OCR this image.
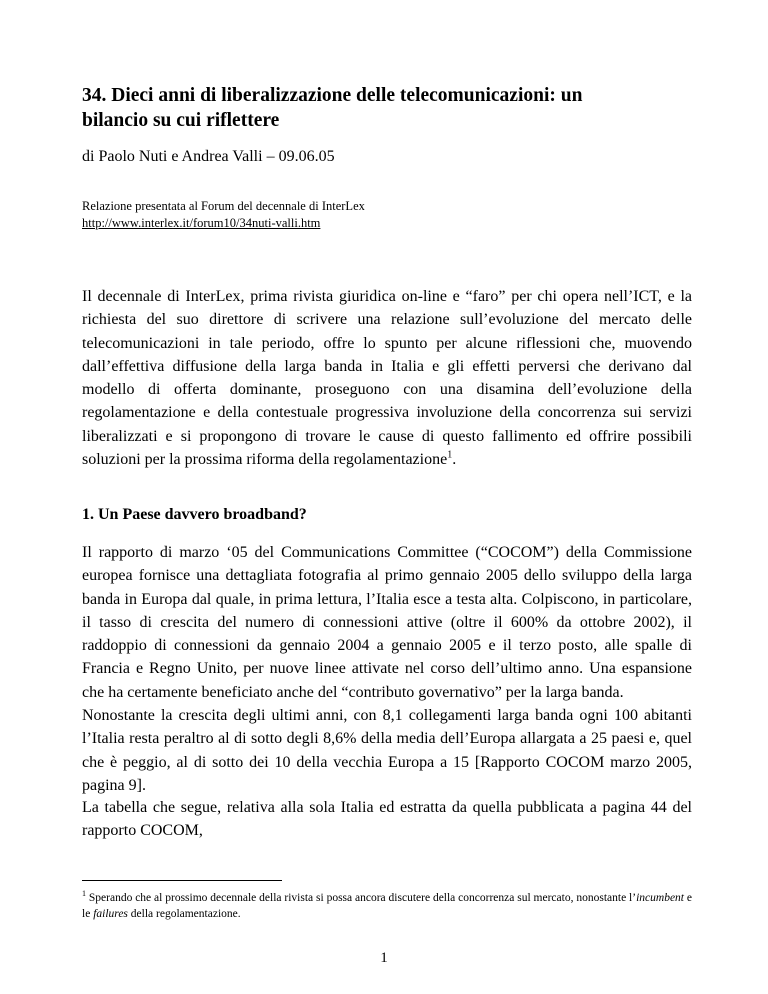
34. Dieci anni di liberalizzazione delle telecomunicazioni: un
bilancio su cui riflettere

di Paolo Nuti e Andrea Valli – 09.06.05

Relazione presentata al Forum del decennale di InterLex
http://www.interlex.it/forum10/34nuti-valli.htm

Il decennale di InterLex, prima rivista giuridica on-line e “faro” per chi opera nell’ICT, e la richiesta del suo direttore di scrivere una relazione sull’evoluzione del mercato delle telecomunicazioni in tale periodo, offre lo spunto per alcune riflessioni che, muovendo dall’effettiva diffusione della larga banda in Italia e gli effetti perversi che derivano dal modello di offerta dominante, proseguono con una disamina dell’evoluzione della regolamentazione e della contestuale progressiva involuzione della concorrenza sui servizi liberalizzati e si propongono di trovare le cause di questo fallimento ed offrire possibili soluzioni per la prossima riforma della regolamentazione$^1$.

1. Un Paese davvero broadband?

Il rapporto di marzo ‘05 del Communications Committee (“COCOM”) della Commissione europea fornisce una dettagliata fotografia al primo gennaio 2005 dello sviluppo della larga banda in Europa dal quale, in prima lettura, l’Italia esce a testa alta. Colpiscono, in particolare, il tasso di crescita del numero di connessioni attive (oltre il 600% da ottobre 2002), il raddoppio di connessioni da gennaio 2004 a gennaio 2005 e il terzo posto, alle spalle di Francia e Regno Unito, per nuove linee attivate nel corso dell’ultimo anno. Una espansione che ha certamente beneficiato anche del “contributo governativo” per la larga banda.

Nonostante la crescita degli ultimi anni, con 8,1 collegamenti larga banda ogni 100 abitanti l’Italia resta peraltro al di sotto degli 8,6% della media dell’Europa allargata a 25 paesi e, quel che è peggio, al di sotto dei 10 della vecchia Europa a 15 [Rapporto COCOM marzo 2005, pagina 9].

La tabella che segue, relativa alla sola Italia ed estratta da quella pubblicata a pagina 44 del rapporto COCOM,

$^1$ Sperando che al prossimo decennale della rivista si possa ancora discutere della concorrenza sul mercato, nonostante l’incumbent e le failures della regolamentazione.

1
